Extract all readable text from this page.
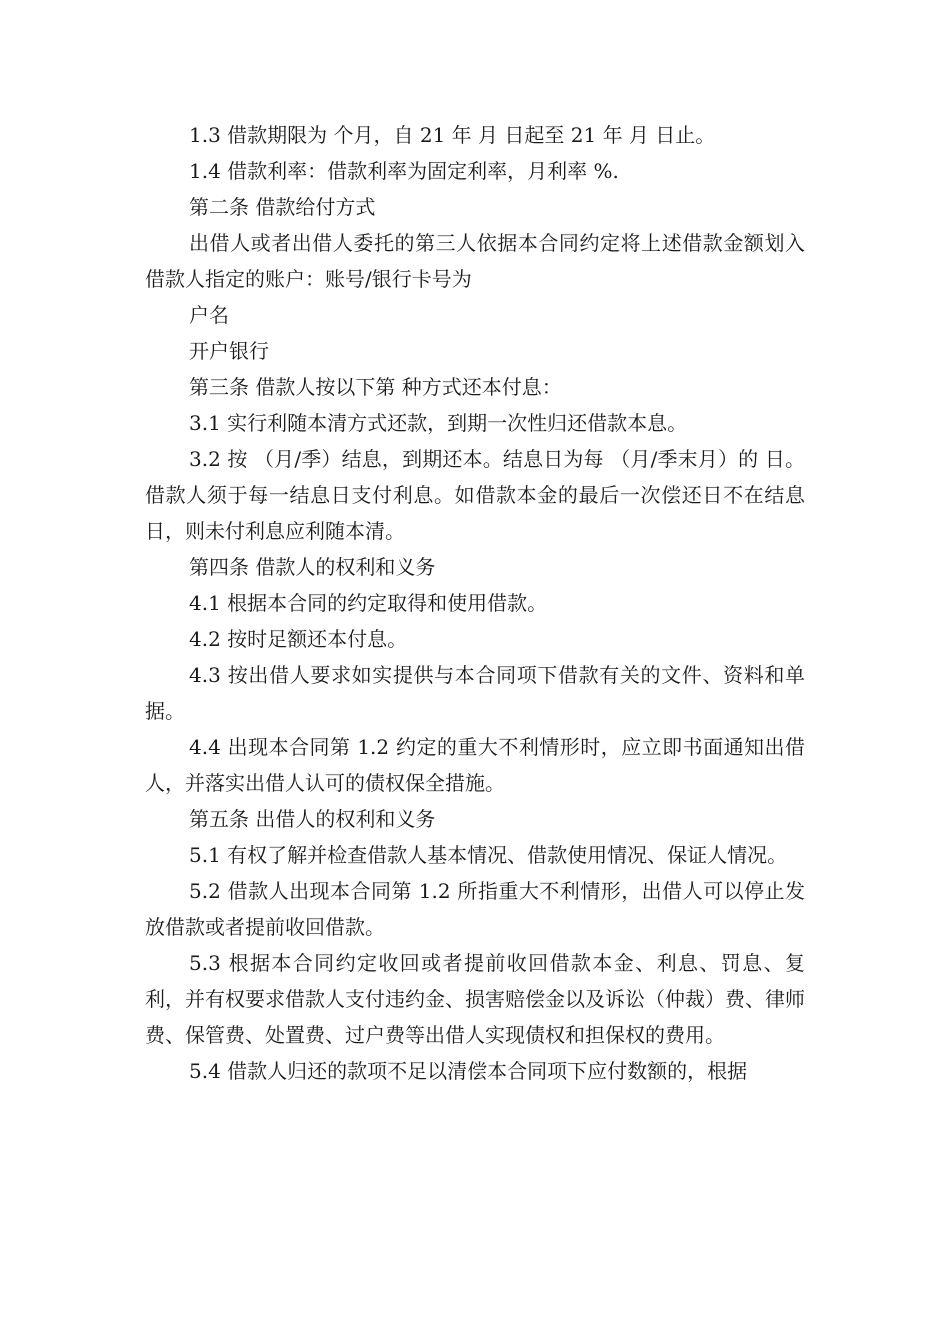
1.3 借款期限为 个月，自 21 年 月 日起至 21 年 月 日止。

1.4 借款利率：借款利率为固定利率，月利率 %.

第二条 借款给付方式

出借人或者出借人委托的第三人依据本合同约定将上述借款金额划入借款人指定的账户：账号/银行卡号为

户名

开户银行

第三条 借款人按以下第 种方式还本付息：

3.1 实行利随本清方式还款，到期一次性归还借款本息。

3.2 按 （月/季）结息，到期还本。结息日为每 （月/季末月）的 日。借款人须于每一结息日支付利息。如借款本金的最后一次偿还日不在结息日，则未付利息应利随本清。

第四条 借款人的权利和义务

4.1 根据本合同的约定取得和使用借款。

4.2 按时足额还本付息。

4.3 按出借人要求如实提供与本合同项下借款有关的文件、资料和单据。

4.4 出现本合同第 1.2 约定的重大不利情形时，应立即书面通知出借人，并落实出借人认可的债权保全措施。

第五条 出借人的权利和义务

5.1 有权了解并检查借款人基本情况、借款使用情况、保证人情况。

5.2 借款人出现本合同第 1.2 所指重大不利情形，出借人可以停止发放借款或者提前收回借款。

5.3 根据本合同约定收回或者提前收回借款本金、利息、罚息、复利，并有权要求借款人支付违约金、损害赔偿金以及诉讼（仲裁）费、律师费、保管费、处置费、过户费等出借人实现债权和担保权的费用。

5.4 借款人归还的款项不足以清偿本合同项下应付数额的，根据
